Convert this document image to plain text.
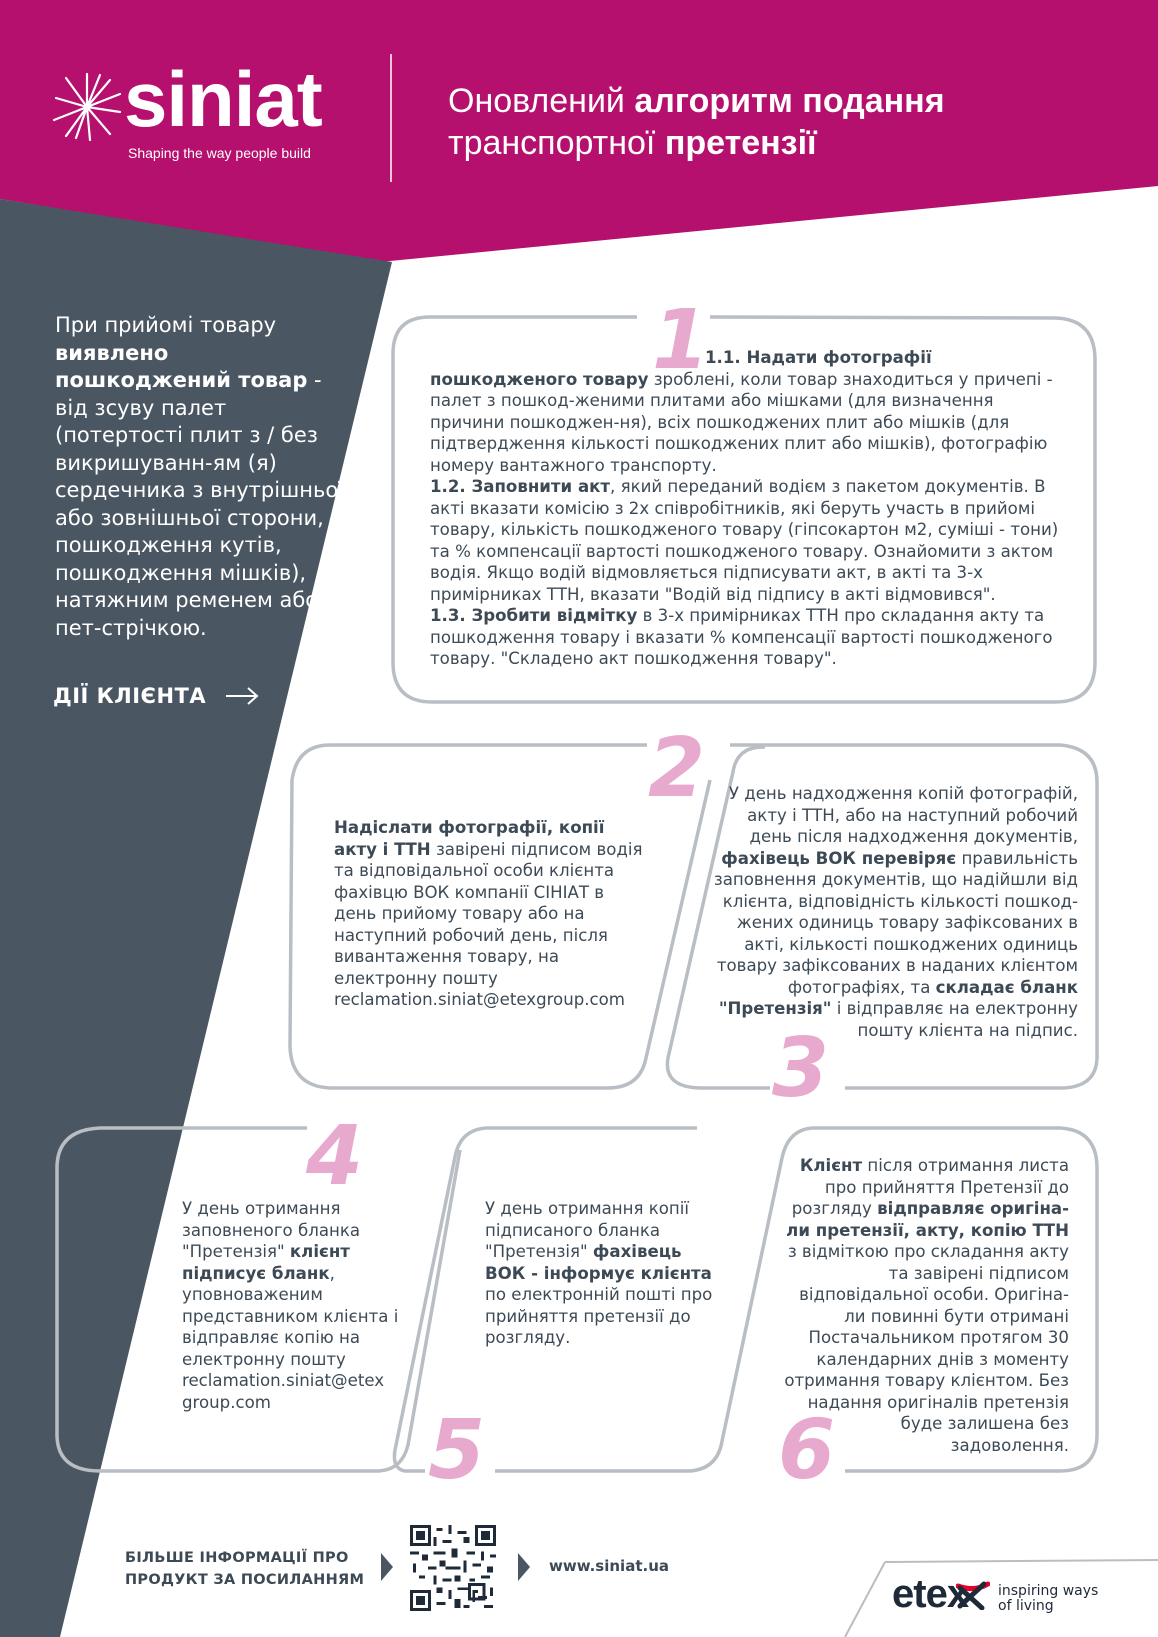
siniat
Shaping the way people build
Оновлений алгоритм подання
транспортної претензії
При прийомі товару виявлено пошкоджений товар - від зсуву палет (потертості плит з / без викришуванн-ям (я) сердечника з внутрішньої або зовнішньої сторони, пошкодження кутів, пошкодження мішків), натяжним ременем або пет-стрічкою.
ДІЇ КЛІЄНТА
1
2
3
4
5	6

1.1. Надати фотографії пошкодженого товару зроблені, коли товар знаходиться у причепі - палет з пошкод-женими плитами або мішками (для визначення причини пошкоджен-ня), всіх пошкоджених плит або мішків (для підтвердження кількості пошкоджених плит або мішків), фотографію номеру вантажного транспорту.

1.2. Заповнити акт, який переданий водієм з пакетом документів. В акті вказати комісію з 2х співробітників, які беруть участь в прийомі товару, кількість пошкодженого товару (гіпсокартон м2, суміші - тони) та % компенсації вартості пошкодженого товару. Ознайомити з актом водія. Якщо водій відмовляється підписувати акт, в акті та 3-х примірниках ТТН, вказати "Водій від підпису в акті відмовився".

1.3. Зробити відмітку в 3-х примірниках ТТН про складання акту та пошкодження товару і вказати % компенсації вартості пошкодженого товару. "Складено акт пошкодження товару".

Надіслати фотографії, копії акту і ТТН завірені підписом водія та відповідальної особи клієнта фахівцю ВОК компанії СІНІАТ в день прийому товару або на наступний робочий день, після вивантаження товару, на електронну пошту reclamation.siniat@etexgroup.com
У день надходження копій фотографій, акту і ТТН, або на наступний робочий день після надходження документів, фахівець ВОК перевіряє правильність заповнення документів, що надійшли від клієнта, відповідність кількості пошкод-жених одиниць товару зафіксованих в акті, кількості пошкоджених одиниць товару зафіксованих в наданих клієнтом фотографіях, та складає бланк "Претензія" і відправляє на електронну пошту клієнта на підпис.
У день отримання заповненого бланка "Претензія" клієнт підписує бланк, уповноваженим представником клієнта і відправляє копію на електронну пошту reclamation.siniat@etex group.com
У день отримання копії підписаного бланка "Претензія" фахівець ВОК - інформує клієнта по електронній пошті про прийняття претензії до розгляду.
Клієнт після отримання листа про прийняття Претензії до розгляду відправляє оригіна-ли претензії, акту, копію ТТН з відміткою про складання акту та завірені підписом відповідальної особи. Оригіна-ли повинні бути отримані Постачальником протягом 30 календарних днів з моменту отримання товару клієнтом. Без надання оригіналів претензія буде залишена без задоволення.
БІЛЬШЕ ІНФОРМАЦІЇ ПРО
ПРОДУКТ ЗА ПОСИЛАННЯМ
www.siniat.ua
etex inspiring ways
of living
